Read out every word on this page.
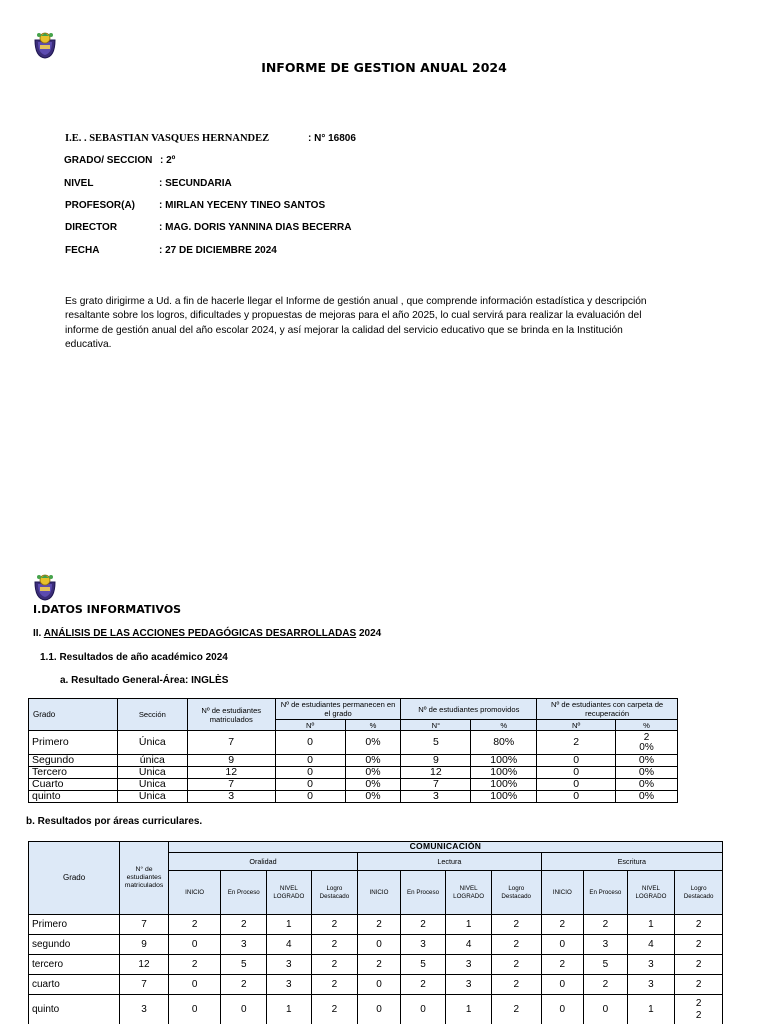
INFORME DE GESTION ANUAL 2024
I.E. . SEBASTIAN VASQUES HERNANDEZ	: N° 16806
GRADO/ SECCION : 2º
NIVEL	: SECUNDARIA
PROFESOR(A) : MIRLAN YECENY TINEO SANTOS
DIRECTOR	: MAG. DORIS YANNINA DIAS BECERRA
FECHA	: 27 DE DICIEMBRE 2024
Es grato dirigirme a Ud. a fin de hacerle llegar el Informe de gestión anual , que comprende información estadística y descripción
resaltante sobre los logros, dificultades y propuestas de mejoras para el año 2025, lo cual servirá para realizar la evaluación del
informe de gestión anual del año escolar 2024, y así mejorar la calidad del servicio educativo que se brinda en la Institución
educativa.
I.DATOS INFORMATIVOS
II. ANÁLISIS DE LAS ACCIONES PEDAGÓGICAS DESARROLLADAS 2024
1.1. Resultados de año académico 2024
a. Resultado General-Área: INGLÈS
Grado	Sección	Nº de estudiantes matriculados	Nº de estudiantes permanecen en el grado		Nº de estudiantes promovidos		Nº de estudiantes con carpeta de recuperación	
			Nº	%	N°	%	Nº	%
Primero	Única	7	0	0%	5	80%	2	2
0%

Segundo	única	9	0	0%	9	100%	0	0%

Tercero	Unica	12	0	0%	12	100%	0	0%

Cuarto	Unica	7	0	0%	7	100%	0	0%

quinto	Unica	3	0	0%	3	100%	0	0%
b. Resultados por áreas curriculares.
Grado	N° de estudiantes matriculados	COMUNICACIÓN											
		Oralidad				Lectura				Escritura			
		INICIO	En Proceso	NIVEL LOGRADO	Logro Destacado	INICIO	En Proceso	NIVEL LOGRADO	Logro Destacado	INICIO	En Proceso	NIVEL LOGRADO	Logro Destacado
Primero	7	2	2	1	2	2	2	1	2	2	2	1	2
segundo	9	0	3	4	2	0	3	4	2	0	3	4	2
tercero	12	2	5	3	2	2	5	3	2	2	5	3	2
cuarto	7	0	2	3	2	0	2	3	2	0	2	3	2
quinto	3	0	0	1	2	0	0	1	2	0	0	1	2
2
